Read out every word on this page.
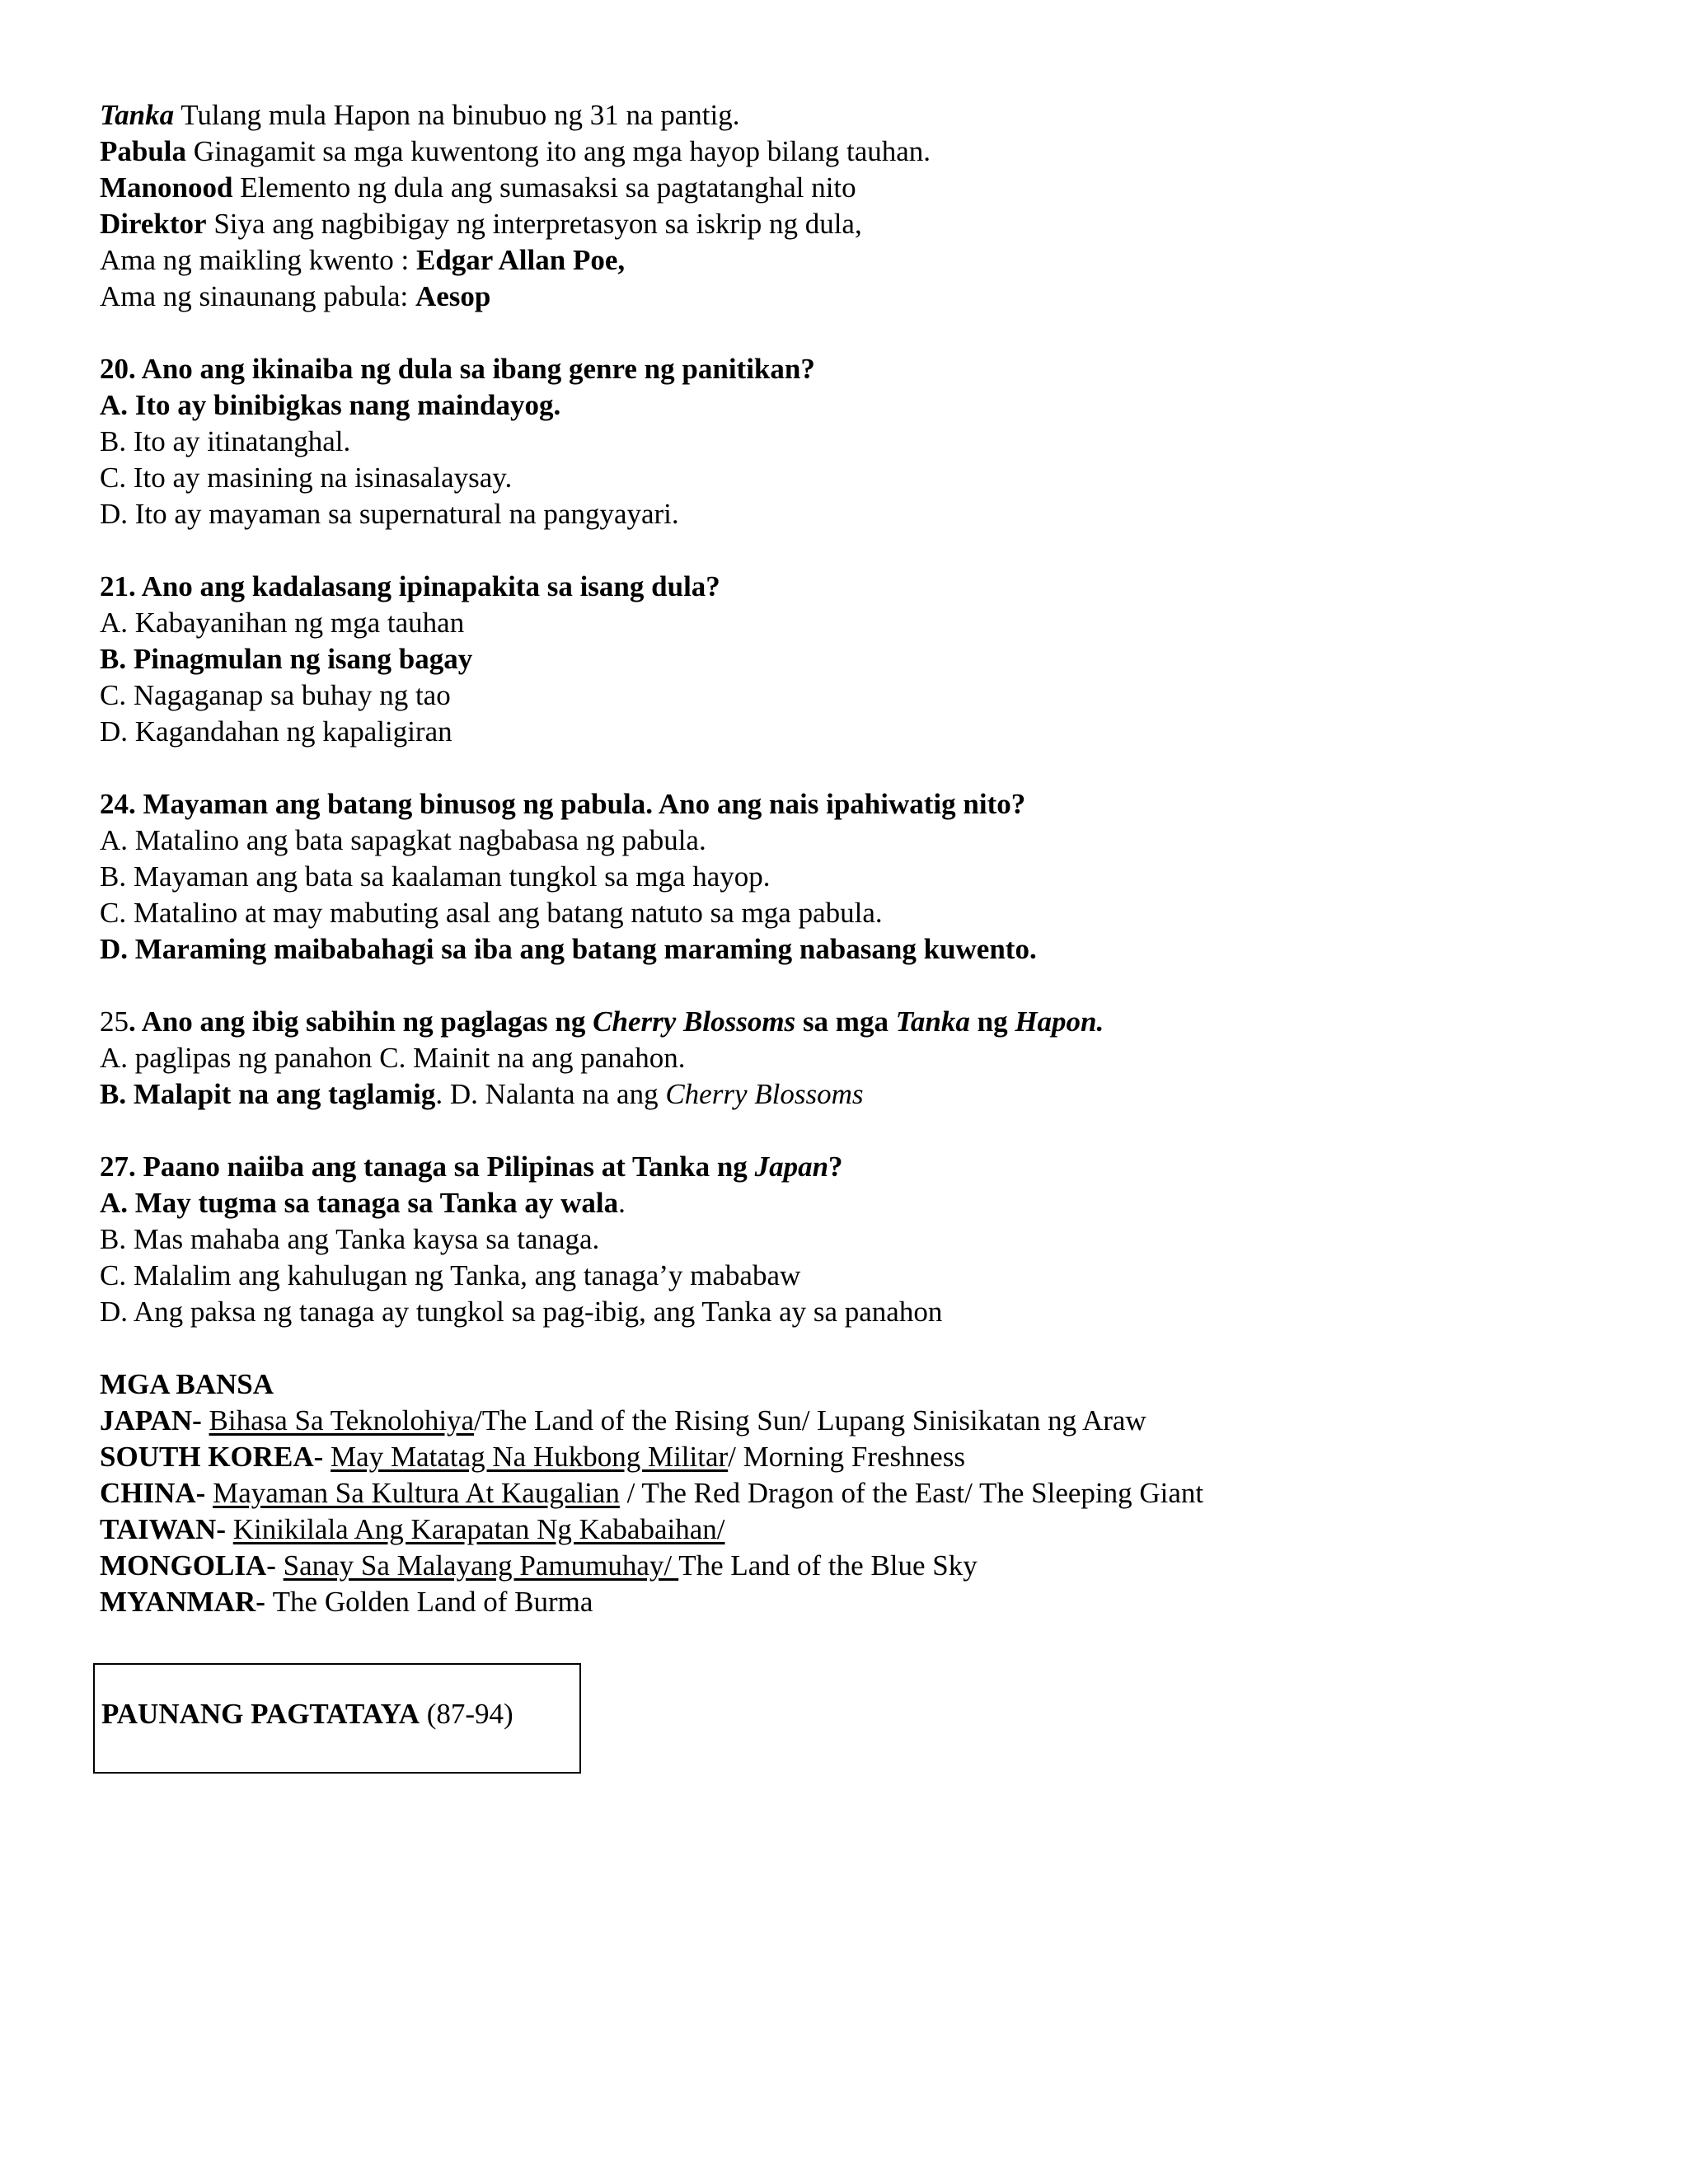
Tanka Tulang mula Hapon na binubuo ng 31 na pantig.
Pabula Ginagamit sa mga kuwentong ito ang mga hayop bilang tauhan.
Manonood Elemento ng dula ang sumasaksi sa pagtatanghal nito
Direktor Siya ang nagbibigay ng interpretasyon sa iskrip ng dula,
Ama ng maikling kwento : Edgar Allan Poe,
Ama ng sinaunang pabula: Aesop
20. Ano ang ikinaiba ng dula sa ibang genre ng panitikan?
A. Ito ay binibigkas nang maindayog.
B. Ito ay itinatanghal.
C. Ito ay masining na isinasalaysay.
D. Ito ay mayaman sa supernatural na pangyayari.
21. Ano ang kadalasang ipinapakita sa isang dula?
A. Kabayanihan ng mga tauhan
B. Pinagmulan ng isang bagay
C. Nagaganap sa buhay ng tao
D. Kagandahan ng kapaligiran
24. Mayaman ang batang binusog ng pabula. Ano ang nais ipahiwatig nito?
A. Matalino ang bata sapagkat nagbabasa ng pabula.
B. Mayaman ang bata sa kaalaman tungkol sa mga hayop.
C. Matalino at may mabuting asal ang batang natuto sa mga pabula.
D. Maraming maibabahagi sa iba ang batang maraming nabasang kuwento.
25. Ano ang ibig sabihin ng paglagas ng Cherry Blossoms sa mga Tanka ng Hapon.
A. paglipas ng panahon C. Mainit na ang panahon.
B. Malapit na ang taglamig. D. Nalanta na ang Cherry Blossoms
27. Paano naiiba ang tanaga sa Pilipinas at Tanka ng Japan?
A. May tugma sa tanaga sa Tanka ay wala.
B. Mas mahaba ang Tanka kaysa sa tanaga.
C. Malalim ang kahulugan ng Tanka, ang tanaga’y mababaw
D. Ang paksa ng tanaga ay tungkol sa pag-ibig, ang Tanka ay sa panahon
MGA BANSA
JAPAN- Bihasa Sa Teknolohiya/The Land of the Rising Sun/ Lupang Sinisikatan ng Araw
SOUTH KOREA- May Matatag Na Hukbong Militar/ Morning Freshness
CHINA- Mayaman Sa Kultura At Kaugalian / The Red Dragon of the East/ The Sleeping Giant
TAIWAN- Kinikilala Ang Karapatan Ng Kababaihan/
MONGOLIA- Sanay Sa Malayang Pamumuhay/ The Land of the Blue Sky
MYANMAR- The Golden Land of Burma
PAUNANG PAGTATAYA (87-94)
